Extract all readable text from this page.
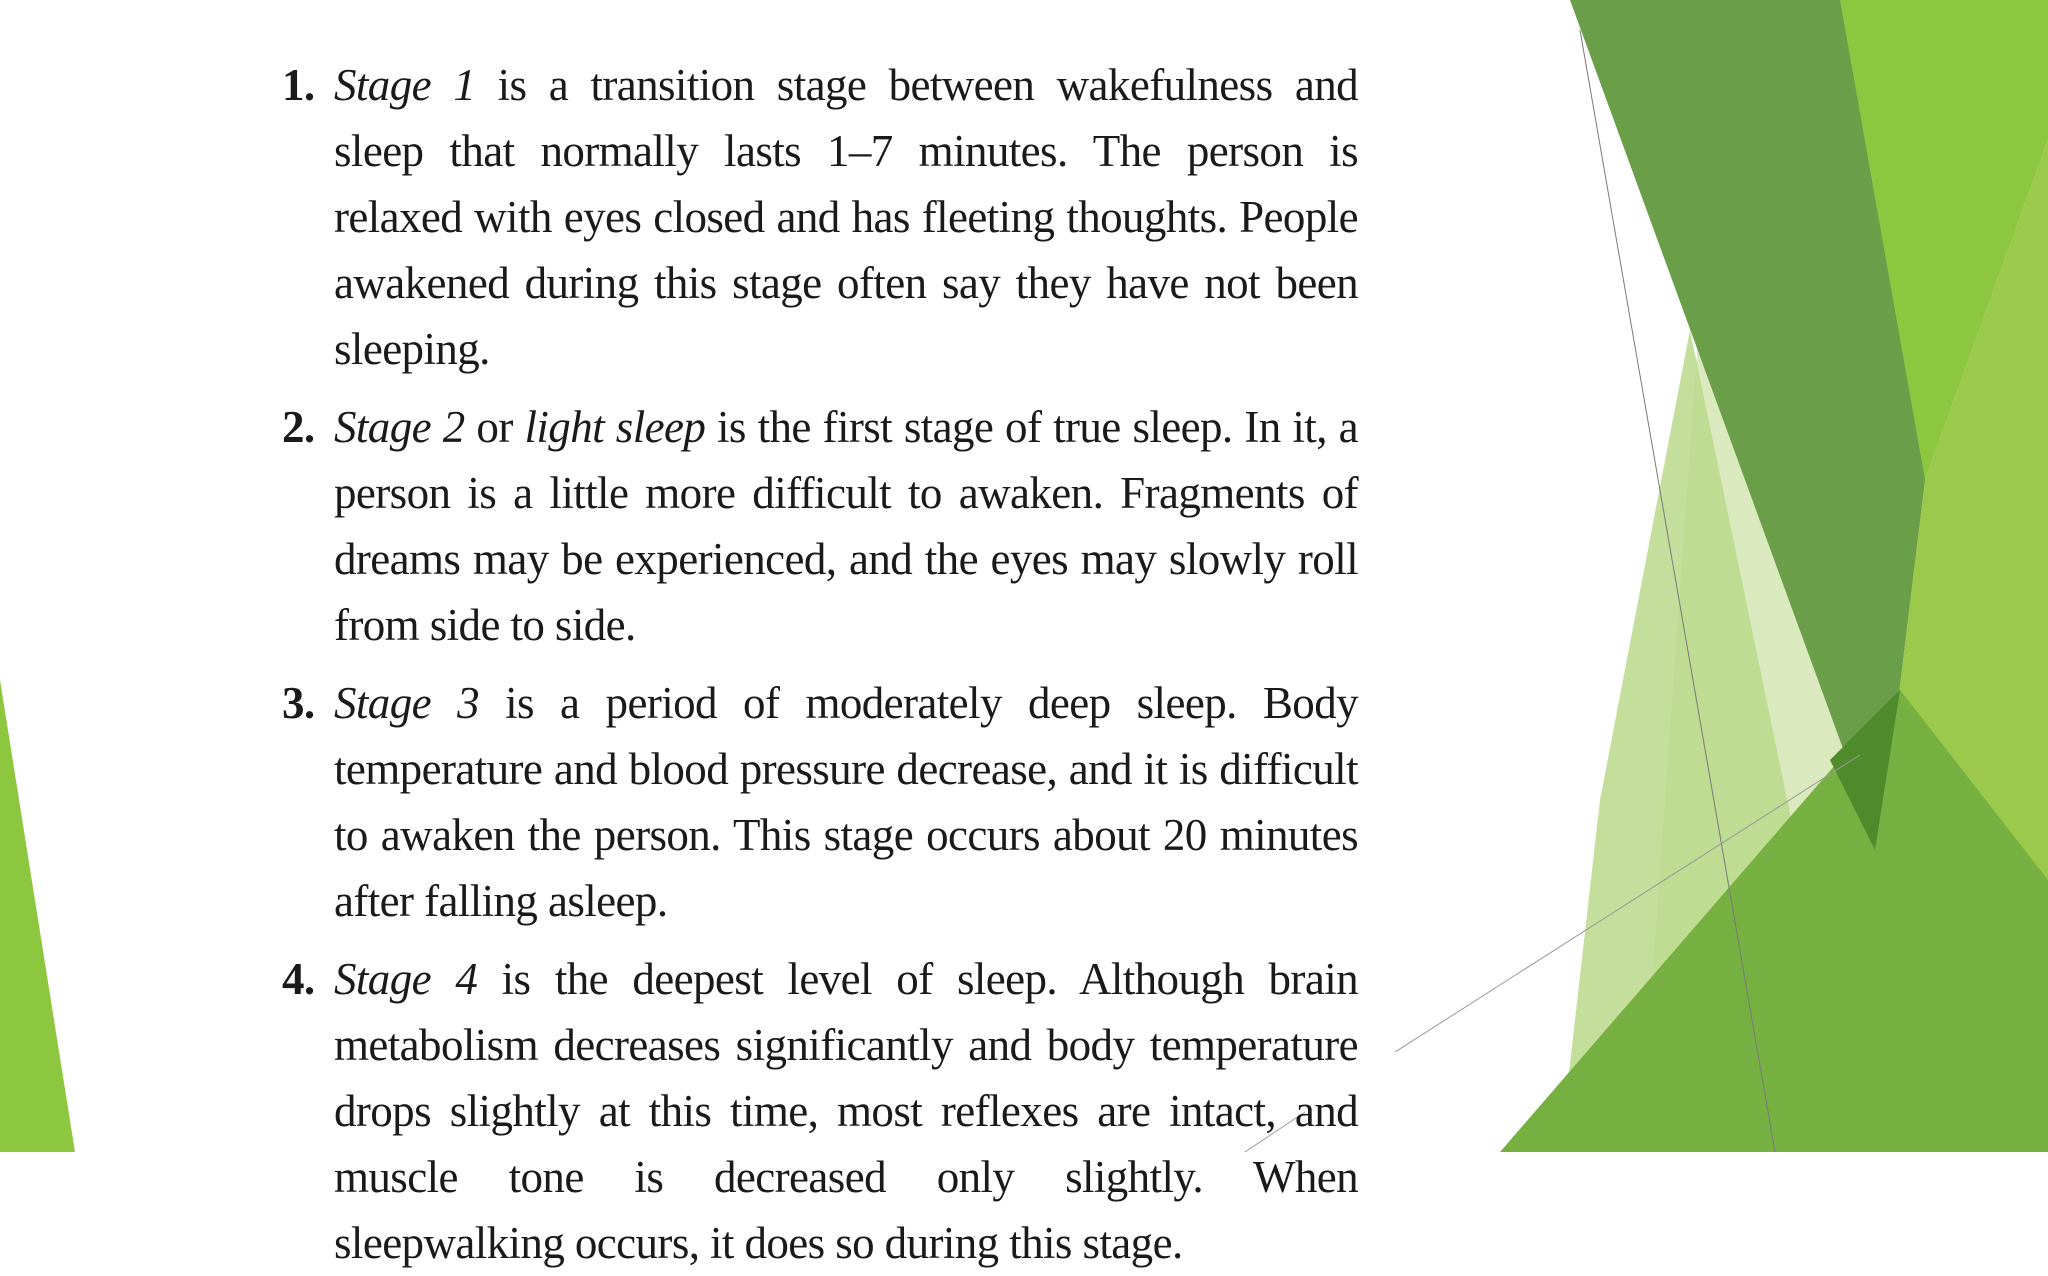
1. Stage 1 is a transition stage between wakefulness and sleep that normally lasts 1–7 minutes. The person is relaxed with eyes closed and has fleeting thoughts. People awakened during this stage often say they have not been sleeping.
2. Stage 2 or light sleep is the first stage of true sleep. In it, a person is a little more difficult to awaken. Fragments of dreams may be experienced, and the eyes may slowly roll from side to side.
3. Stage 3 is a period of moderately deep sleep. Body temperature and blood pressure decrease, and it is difficult to awaken the person. This stage occurs about 20 minutes after falling asleep.
4. Stage 4 is the deepest level of sleep. Although brain metabolism decreases significantly and body temperature drops slightly at this time, most reflexes are intact, and muscle tone is decreased only slightly. When sleepwalking occurs, it does so during this stage.
